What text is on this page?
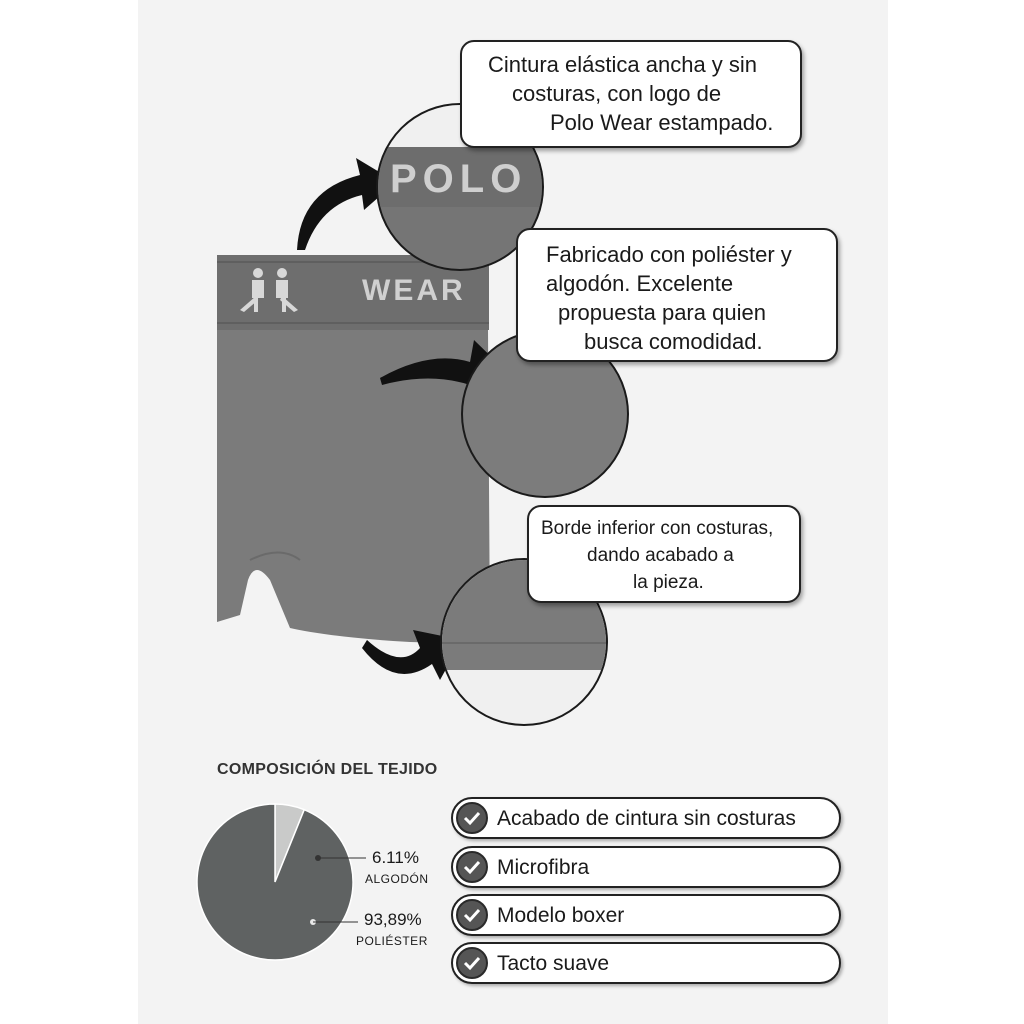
WEAR
POLO
Cintura elástica ancha y sin
costuras, con logo de
Polo Wear estampado.
Fabricado con poliéster y
algodón. Excelente
propuesta para quien
busca comodidad.
Borde inferior con costuras,
dando acabado a
la pieza.
COMPOSICIÓN DEL TEJIDO
6.11%
ALGODÓN
93,89%
POLIÉSTER
Acabado de cintura sin costuras
Microfibra
Modelo boxer
Tacto suave
